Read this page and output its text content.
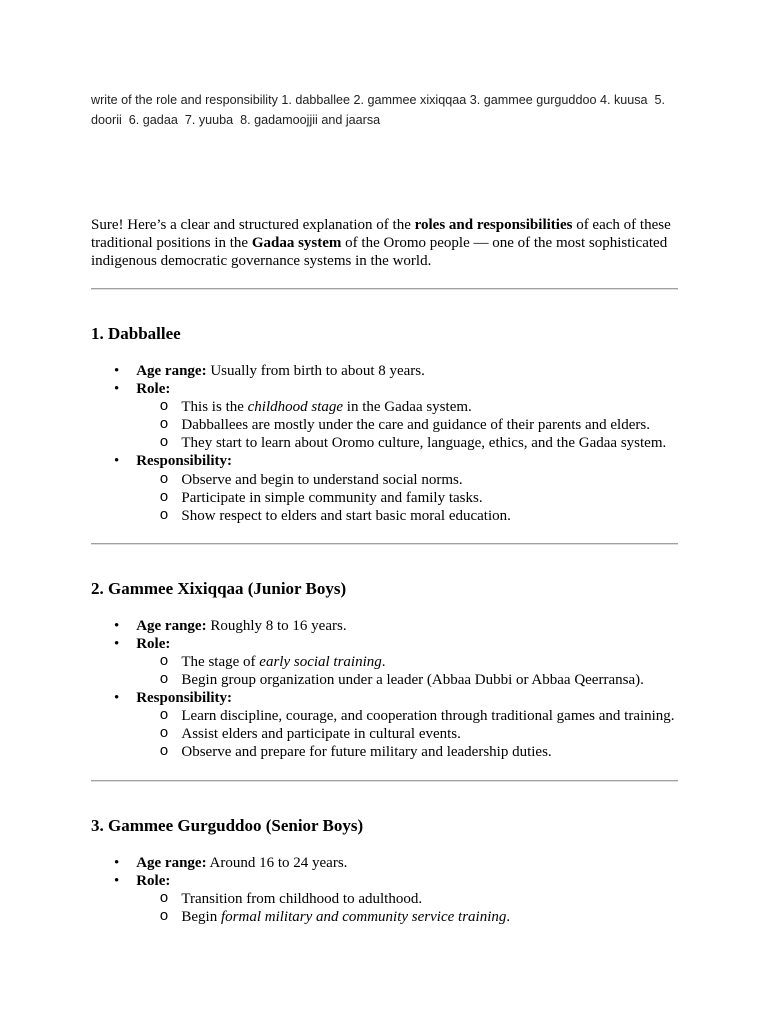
write of the role and responsibility 1. dabballee 2. gammee xixiqqaa 3. gammee gurguddoo 4. kuusa  5.
doorii  6. gadaa  7. yuuba  8. gadamoojjii and jaarsa
Sure! Here’s a clear and structured explanation of the roles and responsibilities of each of these
traditional positions in the Gadaa system of the Oromo people — one of the most sophisticated
indigenous democratic governance systems in the world.
1. Dabballee
• Age range: Usually from birth to about 8 years.
• Role:
o This is the childhood stage in the Gadaa system.
o Dabballees are mostly under the care and guidance of their parents and elders.
o They start to learn about Oromo culture, language, ethics, and the Gadaa system.
• Responsibility:
o Observe and begin to understand social norms.
o Participate in simple community and family tasks.
o Show respect to elders and start basic moral education.
2. Gammee Xixiqqaa (Junior Boys)
• Age range: Roughly 8 to 16 years.
• Role:
o The stage of early social training.
o Begin group organization under a leader (Abbaa Dubbi or Abbaa Qeerransa).
• Responsibility:
o Learn discipline, courage, and cooperation through traditional games and training.
o Assist elders and participate in cultural events.
o Observe and prepare for future military and leadership duties.
3. Gammee Gurguddoo (Senior Boys)
• Age range: Around 16 to 24 years.
• Role:
o Transition from childhood to adulthood.
o Begin formal military and community service training.
